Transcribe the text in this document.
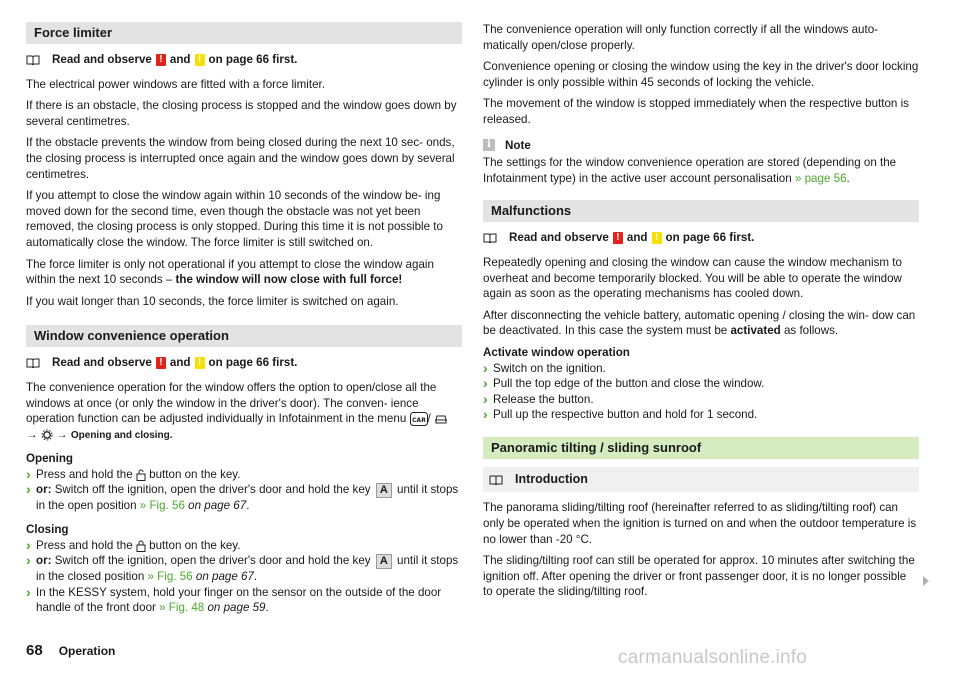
Force limiter
Read and observe ! and ! on page 66 first.

The electrical power windows are fitted with a force limiter.

If there is an obstacle, the closing process is stopped and the window goes down by several centimetres.

If the obstacle prevents the window from being closed during the next 10 sec- onds, the closing process is interrupted once again and the window goes down by several centimetres.

If you attempt to close the window again within 10 seconds of the window be- ing moved down for the second time, even though the obstacle was not yet been removed, the closing process is only stopped. During this time it is not possible to automatically close the window. The force limiter is still switched on.

The force limiter is only not operational if you attempt to close the window again within the next 10 seconds – the window will now close with full force!

If you wait longer than 10 seconds, the force limiter is switched on again.

Window convenience operation
Read and observe ! and ! on page 66 first.

The convenience operation for the window offers the option to open/close all the windows at once (or only the window in the driver's door). The conven- ience operation function can be adjusted individually in Infotainment in the menu CAR /  →  → Opening and closing.

Opening
› Press and hold the button on the key.
› or: Switch off the ignition, open the driver's door and hold the key A until it stops in the open position » Fig. 56 on page 67.
Closing
› Press and hold the button on the key.
› or: Switch off the ignition, open the driver's door and hold the key A until it stops in the closed position » Fig. 56 on page 67.
› In the KESSY system, hold your finger on the sensor on the outside of the door handle of the front door » Fig. 48 on page 59.

The convenience operation will only function correctly if all the windows auto- matically open/close properly.

Convenience opening or closing the window using the key in the driver's door locking cylinder is only possible within 45 seconds of locking the vehicle.

The movement of the window is stopped immediately when the respective button is released.

i	Note

The settings for the window convenience operation are stored (depending on the Infotainment type) in the active user account personalisation » page 56.

Malfunctions
Read and observe ! and ! on page 66 first.

Repeatedly opening and closing the window can cause the window mechanism to overheat and become temporarily blocked. You will be able to operate the window again as soon as the operating mechanisms has cooled down.

After disconnecting the vehicle battery, automatic opening / closing the win- dow can be deactivated. In this case the system must be activated as follows.

Activate window operation
› Switch on the ignition.
› Pull the top edge of the button and close the window.
› Release the button.
› Pull up the respective button and hold for 1 second.
Panoramic tilting / sliding sunroof
Introduction

The panorama sliding/tilting roof (hereinafter referred to as sliding/tilting roof) can only be operated when the ignition is turned on and when the outdoor temperature is no lower than -20 °C.

The sliding/tilting roof can still be operated for approx. 10 minutes after switching the ignition off. After opening the driver or front passenger door, it is no longer possible to operate the sliding/tilting roof.

68 Operation	carmanualsonline.info
